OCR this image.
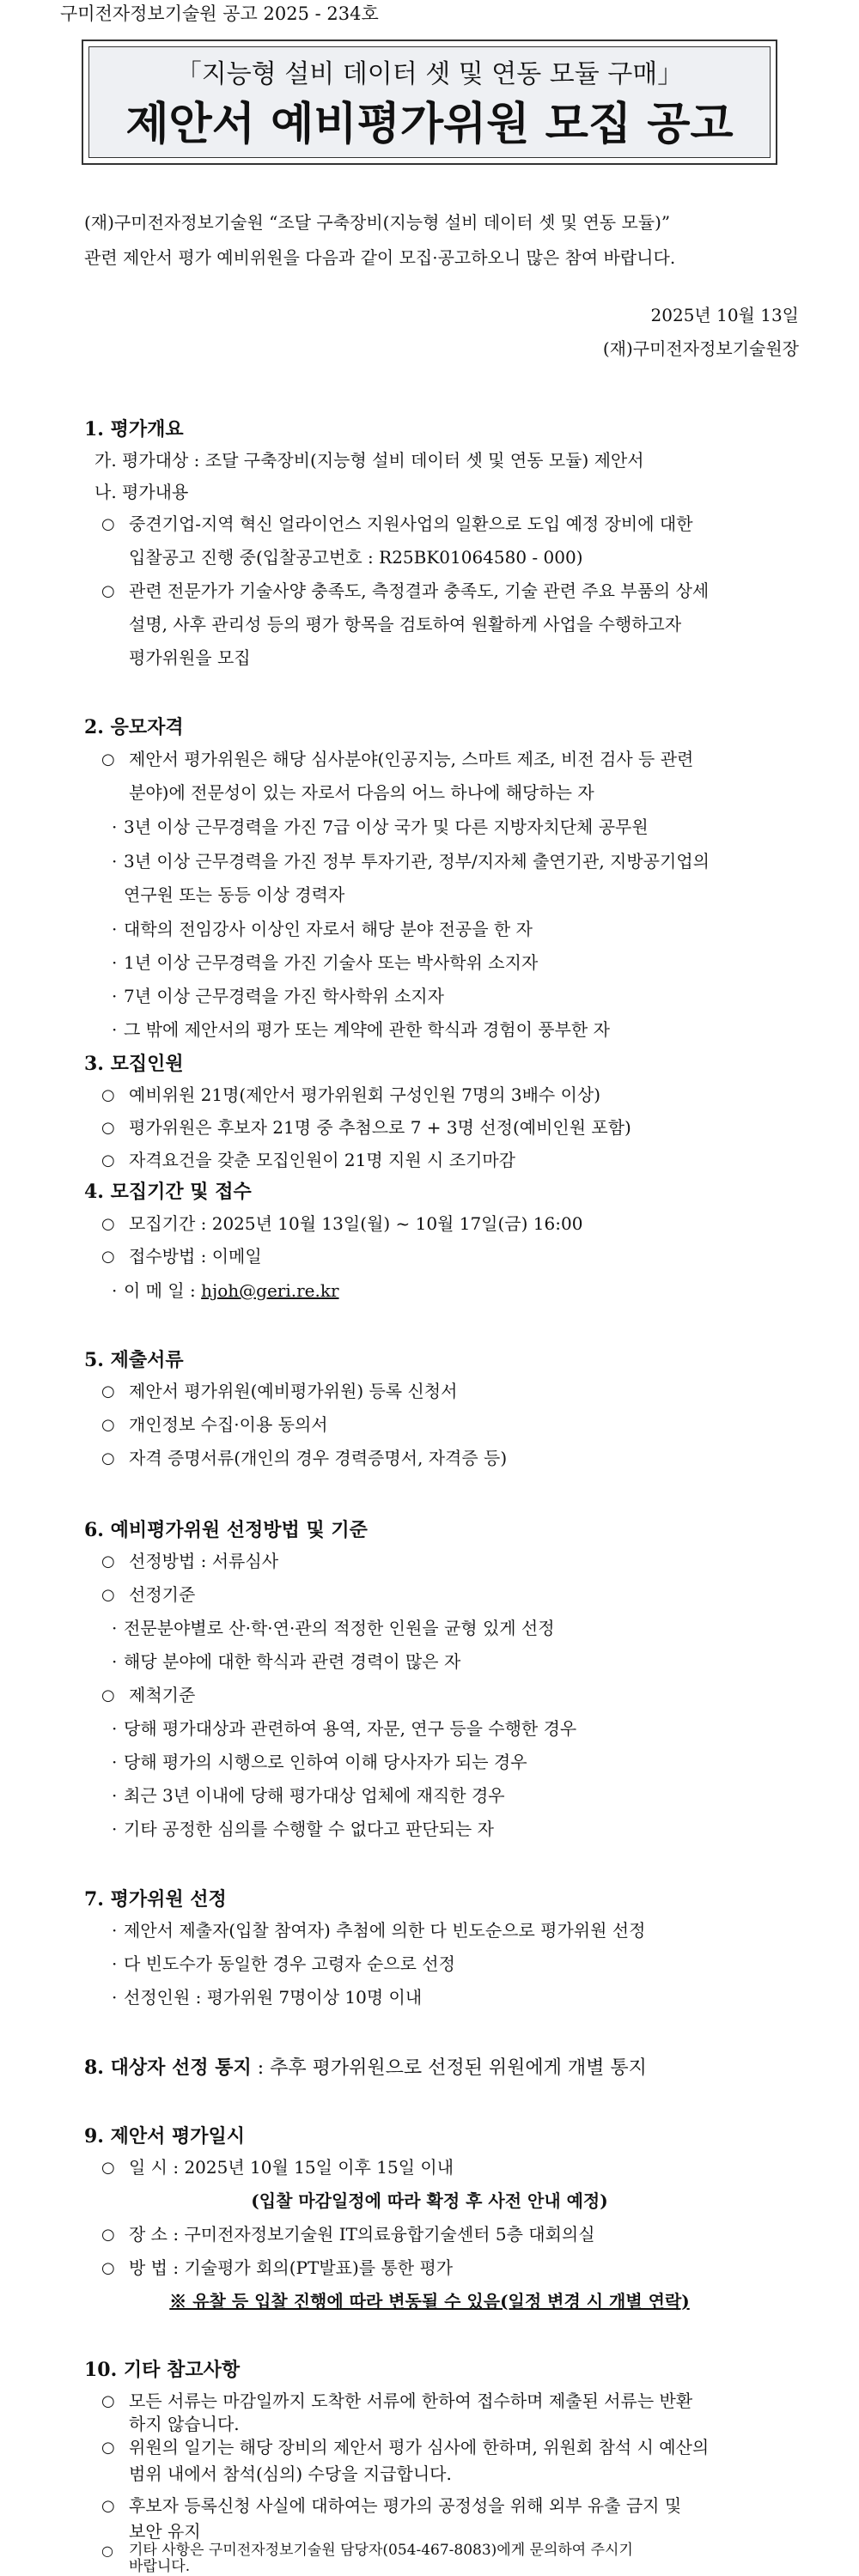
구미전자정보기술원 공고 2025 - 234호
｢지능형 설비 데이터 셋 및 연동 모듈 구매｣
제안서 예비평가위원 모집 공고
(재)구미전자정보기술원 “조달 구축장비(지능형 설비 데이터 셋 및 연동 모듈)”
관련 제안서 평가 예비위원을 다음과 같이 모집·공고하오니 많은 참여 바랍니다.
2025년 10월 13일
(재)구미전자정보기술원장
1. 평가개요
가. 평가대상 : 조달 구축장비(지능형 설비 데이터 셋 및 연동 모듈) 제안서
나. 평가내용
○ 중견기업-지역 혁신 얼라이언스 지원사업의 일환으로 도입 예정 장비에 대한
입찰공고 진행 중(입찰공고번호 : R25BK01064580 - 000)
○ 관련 전문가가 기술사양 충족도, 측정결과 충족도, 기술 관련 주요 부품의 상세
설명, 사후 관리성 등의 평가 항목을 검토하여 원활하게 사업을 수행하고자
평가위원을 모집
2. 응모자격
○ 제안서 평가위원은 해당 심사분야(인공지능, 스마트 제조, 비전 검사 등 관련
분야)에 전문성이 있는 자로서 다음의 어느 하나에 해당하는 자
· 3년 이상 근무경력을 가진 7급 이상 국가 및 다른 지방자치단체 공무원
· 3년 이상 근무경력을 가진 정부 투자기관, 정부/지자체 출연기관, 지방공기업의
연구원 또는 동등 이상 경력자
· 대학의 전임강사 이상인 자로서 해당 분야 전공을 한 자
· 1년 이상 근무경력을 가진 기술사 또는 박사학위 소지자
· 7년 이상 근무경력을 가진 학사학위 소지자
· 그 밖에 제안서의 평가 또는 계약에 관한 학식과 경험이 풍부한 자
3. 모집인원
○ 예비위원 21명(제안서 평가위원회 구성인원 7명의 3배수 이상)
○ 평가위원은 후보자 21명 중 추첨으로 7 + 3명 선정(예비인원 포함)
○ 자격요건을 갖춘 모집인원이 21명 지원 시 조기마감
4. 모집기간 및 접수
○ 모집기간 : 2025년 10월 13일(월) ~ 10월 17일(금) 16:00
○ 접수방법 : 이메일
· 이 메 일 : hjoh@geri.re.kr
5. 제출서류
○ 제안서 평가위원(예비평가위원) 등록 신청서
○ 개인정보 수집·이용 동의서
○ 자격 증명서류(개인의 경우 경력증명서, 자격증 등)
6. 예비평가위원 선정방법 및 기준
○ 선정방법 : 서류심사
○ 선정기준
· 전문분야별로 산·학·연·관의 적정한 인원을 균형 있게 선정
· 해당 분야에 대한 학식과 관련 경력이 많은 자
○ 제척기준
· 당해 평가대상과 관련하여 용역, 자문, 연구 등을 수행한 경우
· 당해 평가의 시행으로 인하여 이해 당사자가 되는 경우
· 최근 3년 이내에 당해 평가대상 업체에 재직한 경우
· 기타 공정한 심의를 수행할 수 없다고 판단되는 자
7. 평가위원 선정
· 제안서 제출자(입찰 참여자) 추첨에 의한 다 빈도순으로 평가위원 선정
· 다 빈도수가 동일한 경우 고령자 순으로 선정
· 선정인원 : 평가위원 7명이상 10명 이내
8. 대상자 선정 통지 : 추후 평가위원으로 선정된 위원에게 개별 통지
9. 제안서 평가일시
○ 일 시 : 2025년 10월 15일 이후 15일 이내
(입찰 마감일정에 따라 확정 후 사전 안내 예정)
○ 장 소 : 구미전자정보기술원 IT의료융합기술센터 5층 대회의실
○ 방 법 : 기술평가 회의(PT발표)를 통한 평가
※ 유찰 등 입찰 진행에 따라 변동될 수 있음(일정 변경 시 개별 연락)
10. 기타 참고사항
○ 모든 서류는 마감일까지 도착한 서류에 한하여 접수하며 제출된 서류는 반환
하지 않습니다.
○ 위원의 일기는 해당 장비의 제안서 평가 심사에 한하며, 위원회 참석 시 예산의
범위 내에서 참석(심의) 수당을 지급합니다.
○ 후보자 등록신청 사실에 대하여는 평가의 공정성을 위해 외부 유출 금지 및
보안 유지
○ 기타 사항은 구미전자정보기술원 담당자(054-467-8083)에게 문의하여 주시기
바랍니다.
